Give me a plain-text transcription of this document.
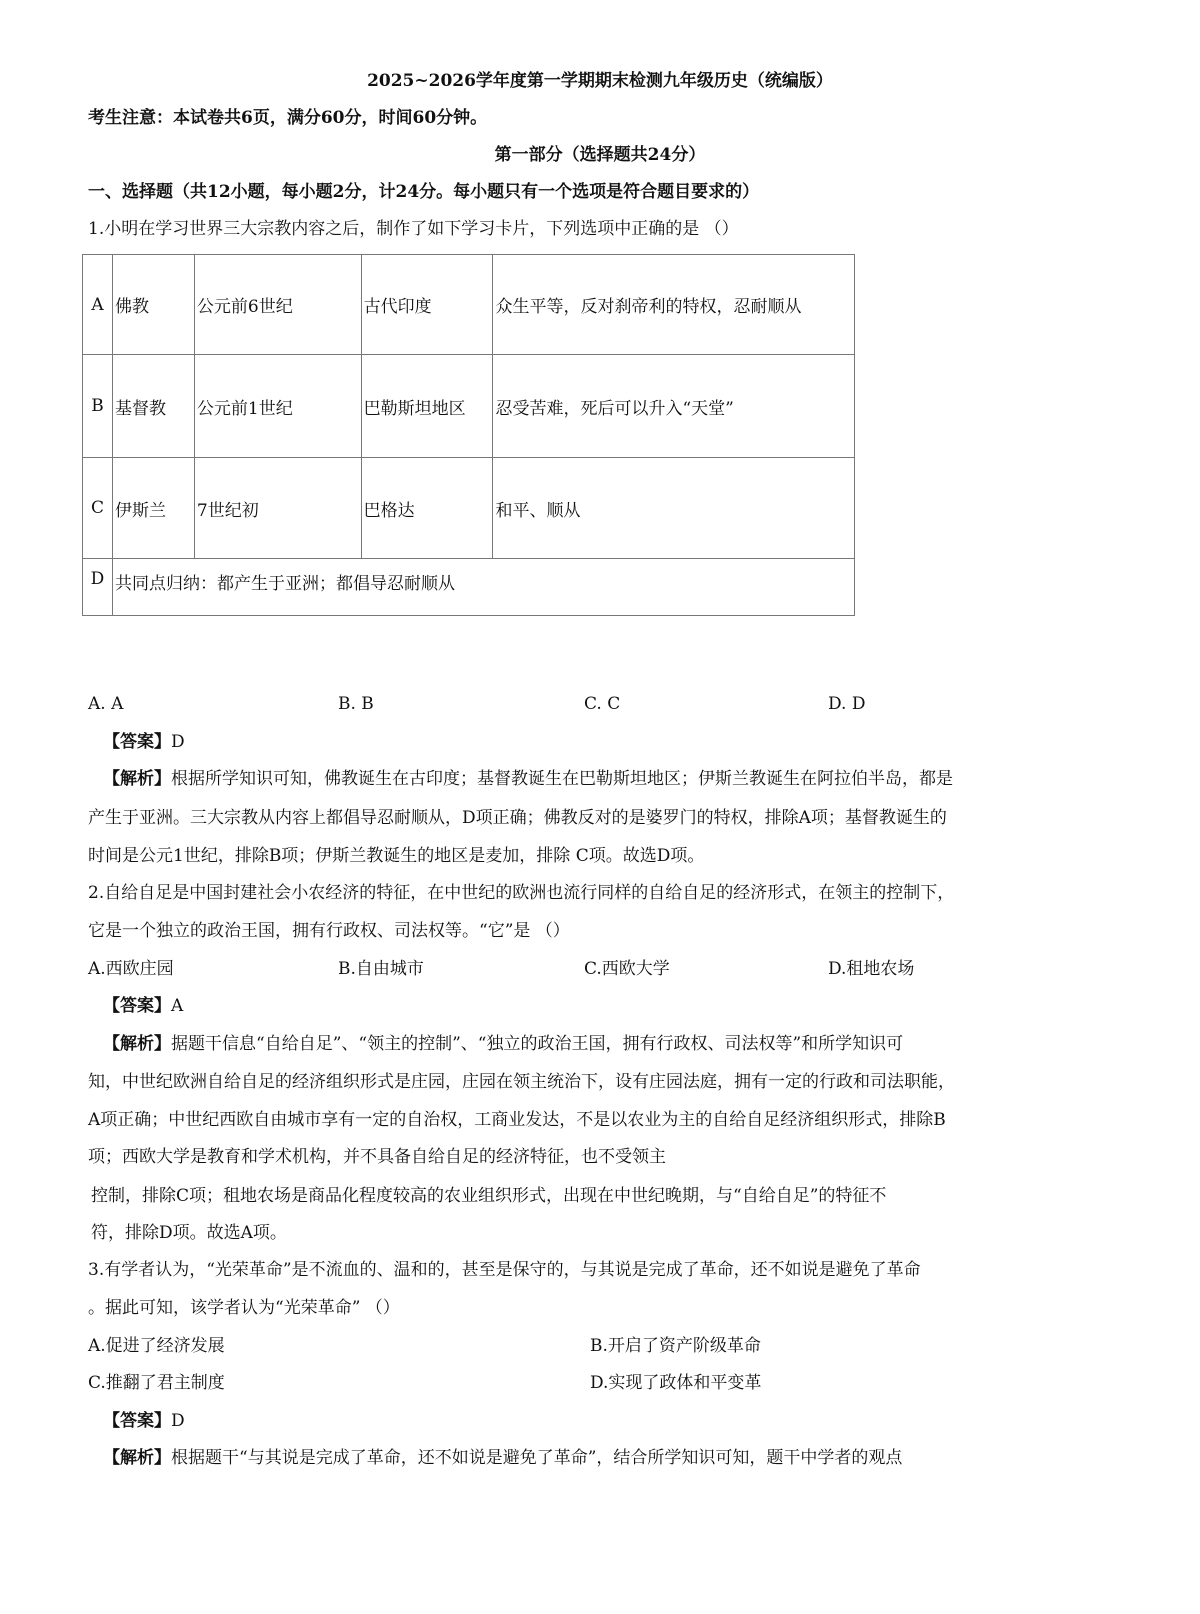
2025~2026学年度第一学期期末检测九年级历史（统编版）
考生注意：本试卷共6页，满分60分，时间60分钟。
第一部分（选择题共24分）
一、选择题（共12小题，每小题2分，计24分。每小题只有一个选项是符合题目要求的）
1.小明在学习世界三大宗教内容之后，制作了如下学习卡片，下列选项中正确的是 （）
A	佛教	公元前6世纪	古代印度	众生平等，反对刹帝利的特权，忍耐顺从
B	基督教	公元前1世纪	巴勒斯坦地区	忍受苦难，死后可以升入“天堂”
C	伊斯兰	7世纪初	巴格达	和平、顺从
D	共同点归纳：都产生于亚洲；都倡导忍耐顺从			
A. A	B. B	C. C	D. D
【答案】D
【解析】根据所学知识可知，佛教诞生在古印度；基督教诞生在巴勒斯坦地区；伊斯兰教诞生在阿拉伯半岛，都是
产生于亚洲。三大宗教从内容上都倡导忍耐顺从，D项正确；佛教反对的是婆罗门的特权，排除A项；基督教诞生的
时间是公元1世纪，排除B项；伊斯兰教诞生的地区是麦加，排除 C项。故选D项。
2.自给自足是中国封建社会小农经济的特征，在中世纪的欧洲也流行同样的自给自足的经济形式，在领主的控制下，
它是一个独立的政治王国，拥有行政权、司法权等。“它”是 （）
A.西欧庄园	B.自由城市	C.西欧大学	D.租地农场
【答案】A
【解析】据题干信息“自给自足”、“领主的控制”、“独立的政治王国，拥有行政权、司法权等”和所学知识可
知，中世纪欧洲自给自足的经济组织形式是庄园，庄园在领主统治下，设有庄园法庭，拥有一定的行政和司法职能，
A项正确；中世纪西欧自由城市享有一定的自治权，工商业发达，不是以农业为主的自给自足经济组织形式，排除B
项；西欧大学是教育和学术机构，并不具备自给自足的经济特征，也不受领主
控制，排除C项；租地农场是商品化程度较高的农业组织形式，出现在中世纪晚期，与“自给自足”的特征不
符，排除D项。故选A项。
3.有学者认为，“光荣革命”是不流血的、温和的，甚至是保守的，与其说是完成了革命，还不如说是避免了革命
。据此可知，该学者认为“光荣革命” （）
A.促进了经济发展	B.开启了资产阶级革命
C.推翻了君主制度	D.实现了政体和平变革
【答案】D
【解析】根据题干“与其说是完成了革命，还不如说是避免了革命”，结合所学知识可知，题干中学者的观点
